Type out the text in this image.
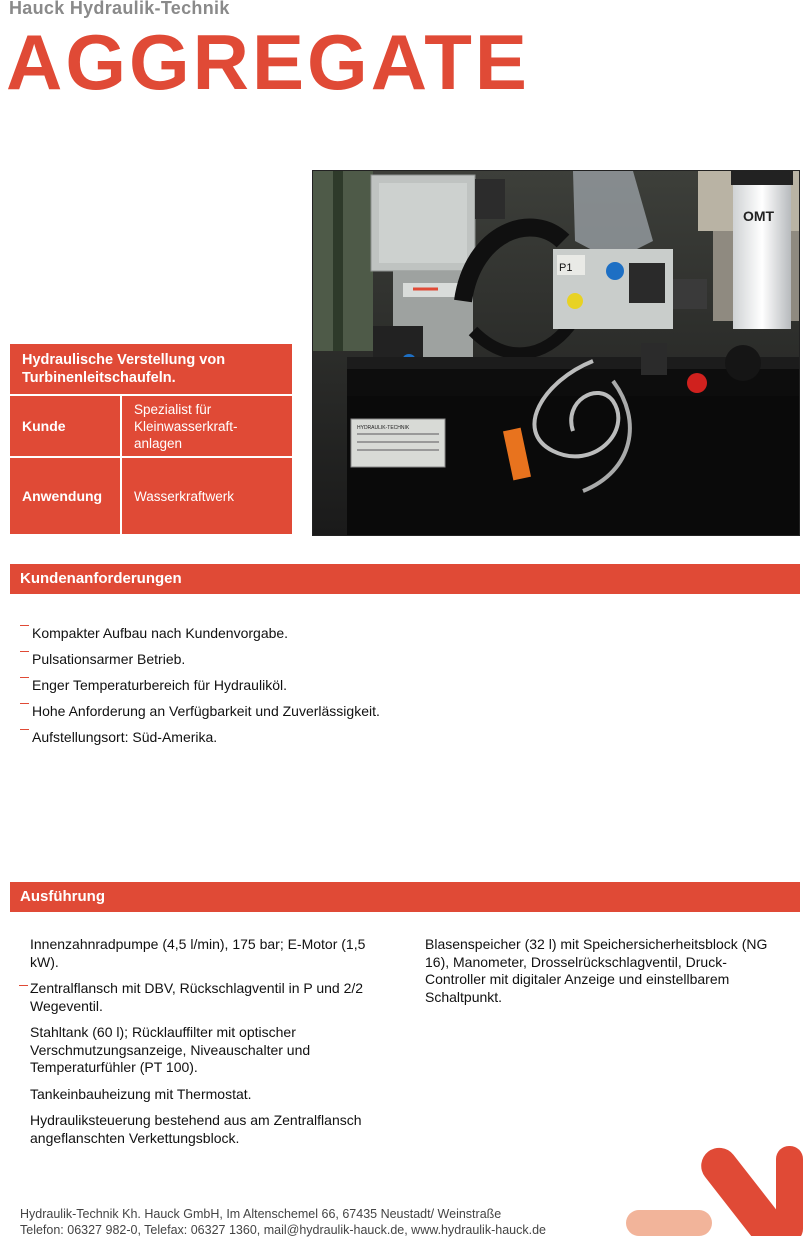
Hauck Hydraulik-Technik
AGGREGATE
Hydraulische Verstellung von Turbinenleitschaufeln.
Kunde
Spezialist für Kleinwasserkraft-anlagen
Anwendung	Wasserkraftwerk
P1
OMT
HYDRAULIK-TECHNIK
Kundenanforderungen
Kompakter Aufbau nach Kundenvorgabe.
Pulsationsarmer Betrieb.
Enger Temperaturbereich für Hydrauliköl.
Hohe Anforderung an Verfügbarkeit und Zuverlässigkeit.
Aufstellungsort: Süd-Amerika.
Ausführung

Innenzahnradpumpe (4,5 l/min), 175 bar; E-Motor (1,5 kW).

Zentralflansch mit DBV, Rückschlagventil in P und 2/2 Wegeventil.

Stahltank (60 l); Rücklauffilter mit optischer Verschmutzungsanzeige, Niveauschalter und Temperaturfühler (PT 100).

Tankeinbauheizung mit Thermostat.

Hydrauliksteuerung bestehend aus am Zentralflansch angeflanschten Verkettungsblock.

Blasenspeicher (32 l) mit Speichersicherheitsblock (NG 16), Manometer, Drosselrückschlagventil, Druck-Controller mit digitaler Anzeige und einstellbarem Schaltpunkt.

Hydraulik-Technik Kh. Hauck GmbH, Im Altenschemel 66, 67435 Neustadt/ Weinstraße
Telefon: 06327 982-0, Telefax: 06327 1360, mail@hydraulik-hauck.de, www.hydraulik-hauck.de
